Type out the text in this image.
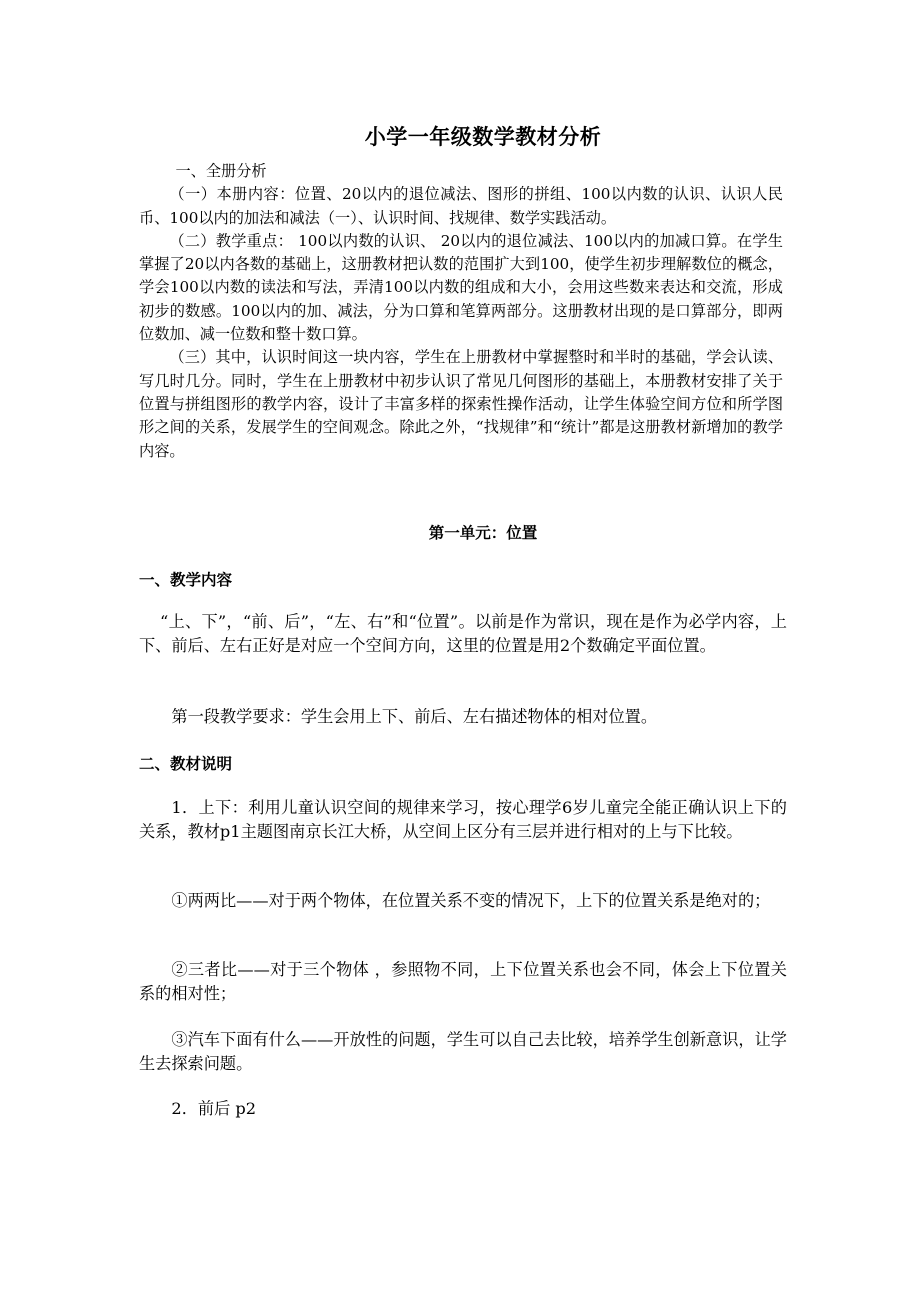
小学一年级数学教材分析

一、全册分析

（一）本册内容：位置、20以内的退位减法、图形的拼组、100以内数的认识、认识人民币、100以内的加法和减法（一）、认识时间、找规律、数学实践活动。

（二）教学重点： 100以内数的认识、 20以内的退位减法、100以内的加减口算。在学生掌握了20以内各数的基础上，这册教材把认数的范围扩大到100，使学生初步理解数位的概念，学会100以内数的读法和写法，弄清100以内数的组成和大小，会用这些数来表达和交流，形成初步的数感。100以内的加、减法，分为口算和笔算两部分。这册教材出现的是口算部分，即两位数加、减一位数和整十数口算。

（三）其中，认识时间这一块内容，学生在上册教材中掌握整时和半时的基础，学会认读、写几时几分。同时，学生在上册教材中初步认识了常见几何图形的基础上，本册教材安排了关于位置与拼组图形的教学内容，设计了丰富多样的探索性操作活动，让学生体验空间方位和所学图形之间的关系，发展学生的空间观念。除此之外，“找规律”和“统计”都是这册教材新增加的教学内容。

第一单元：位置
一、教学内容

“上、下”，“前、后”，“左、右”和“位置”。以前是作为常识，现在是作为必学内容，上下、前后、左右正好是对应一个空间方向，这里的位置是用2个数确定平面位置。

第一段教学要求：学生会用上下、前后、左右描述物体的相对位置。

二、教材说明

1．上下：利用儿童认识空间的规律来学习，按心理学6岁儿童完全能正确认识上下的关系，教材p1主题图南京长江大桥，从空间上区分有三层并进行相对的上与下比较。

①两两比——对于两个物体，在位置关系不变的情况下，上下的位置关系是绝对的；

②三者比——对于三个物体 ，参照物不同，上下位置关系也会不同，体会上下位置关系的相对性；

③汽车下面有什么——开放性的问题，学生可以自己去比较，培养学生创新意识，让学生去探索问题。

2．前后 p2
